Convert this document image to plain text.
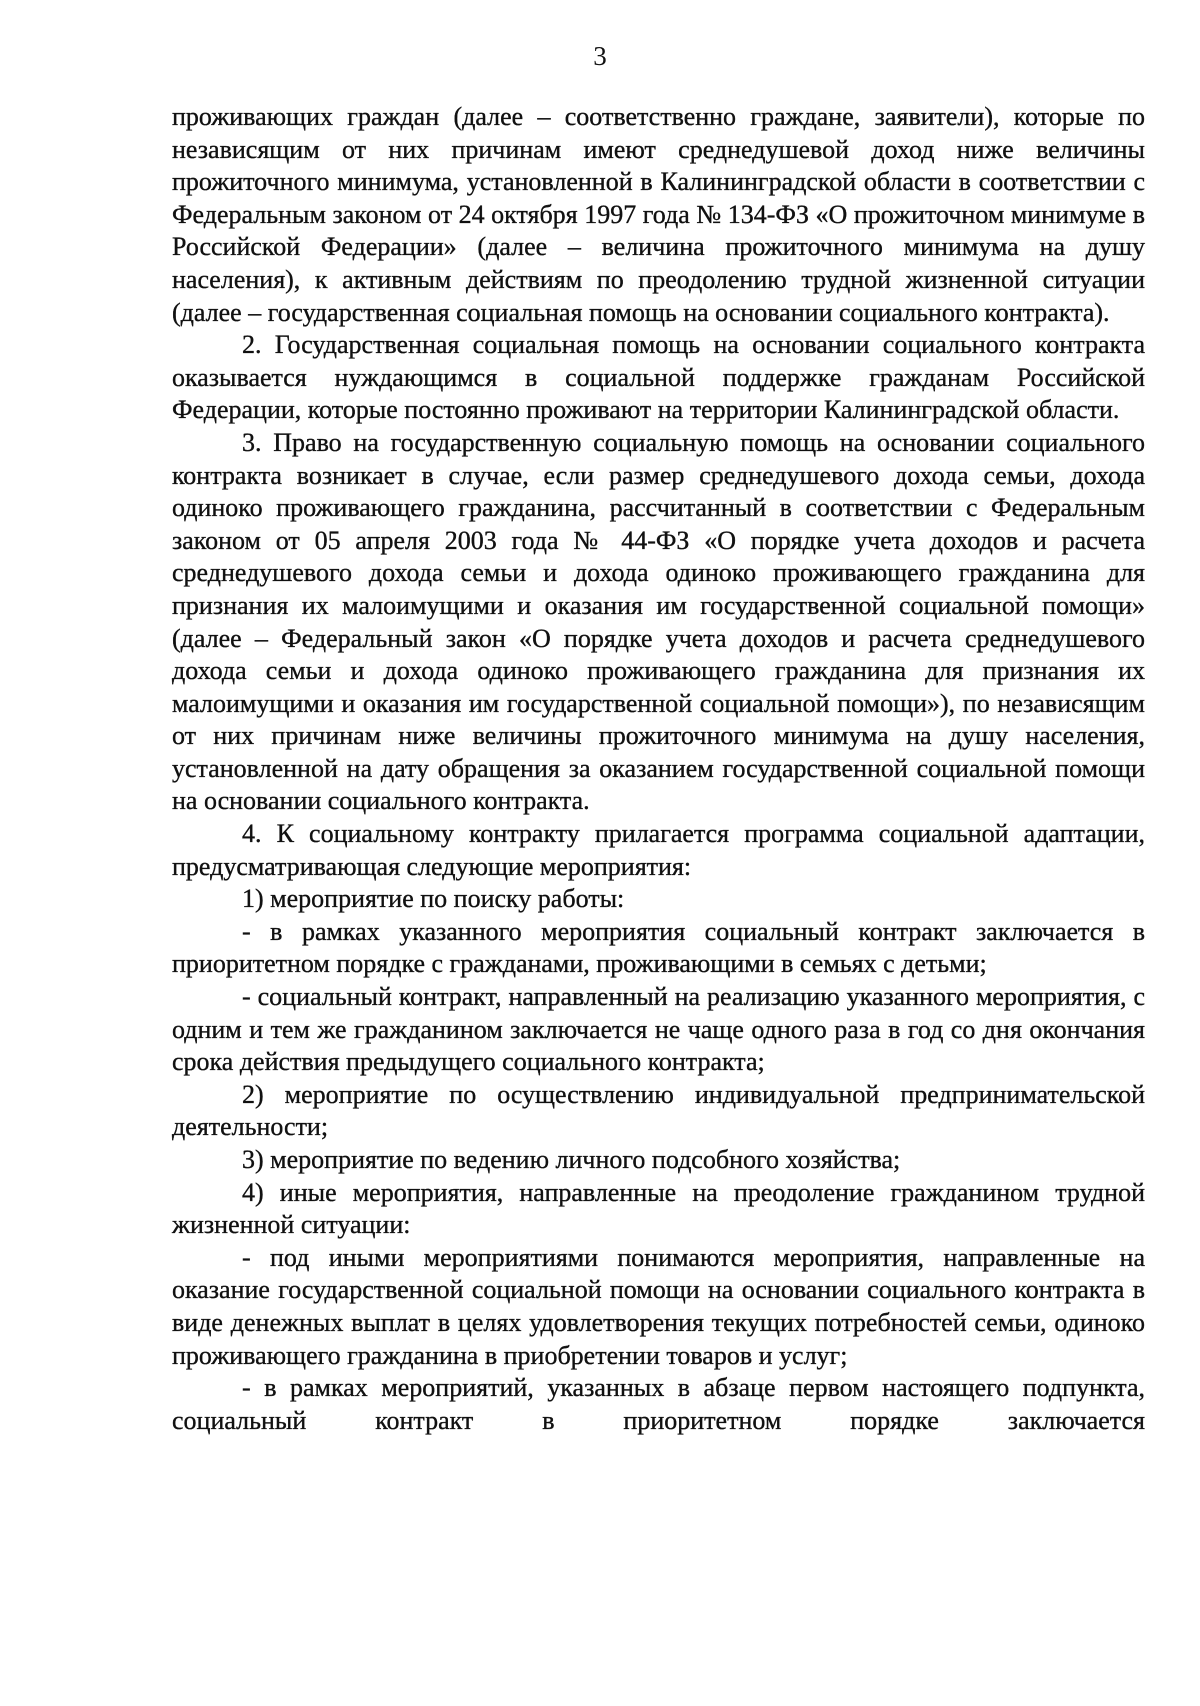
3

проживающих граждан (далее – соответственно граждане, заявители), которые по независящим от них причинам имеют среднедушевой доход ниже величины прожиточного минимума, установленной в Калининградской области в соответствии с Федеральным законом от 24 октября 1997 года № 134-ФЗ «О прожиточном минимуме в Российской Федерации» (далее – величина прожиточного минимума на душу населения), к активным действиям по преодолению трудной жизненной ситуации (далее – государственная социальная помощь на основании социального контракта).

2. Государственная социальная помощь на основании социального контракта оказывается нуждающимся в социальной поддержке гражданам Российской Федерации, которые постоянно проживают на территории Калининградской области.

3. Право на государственную социальную помощь на основании социального контракта возникает в случае, если размер среднедушевого дохода семьи, дохода одиноко проживающего гражданина, рассчитанный в соответствии с Федеральным законом от 05 апреля 2003 года № 44-ФЗ «О порядке учета доходов и расчета среднедушевого дохода семьи и дохода одиноко проживающего гражданина для признания их малоимущими и оказания им государственной социальной помощи» (далее – Федеральный закон «О порядке учета доходов и расчета среднедушевого дохода семьи и дохода одиноко проживающего гражданина для признания их малоимущими и оказания им государственной социальной помощи»), по независящим от них причинам ниже величины прожиточного минимума на душу населения, установленной на дату обращения за оказанием государственной социальной помощи на основании социального контракта.

4. К социальному контракту прилагается программа социальной адаптации, предусматривающая следующие мероприятия:

1) мероприятие по поиску работы:

- в рамках указанного мероприятия социальный контракт заключается в приоритетном порядке с гражданами, проживающими в семьях с детьми;

- социальный контракт, направленный на реализацию указанного мероприятия, с одним и тем же гражданином заключается не чаще одного раза в год со дня окончания срока действия предыдущего социального контракта;

2) мероприятие по осуществлению индивидуальной предпринимательской деятельности;

3) мероприятие по ведению личного подсобного хозяйства;

4) иные мероприятия, направленные на преодоление гражданином трудной жизненной ситуации:

- под иными мероприятиями понимаются мероприятия, направленные на оказание государственной социальной помощи на основании социального контракта в виде денежных выплат в целях удовлетворения текущих потребностей семьи, одиноко проживающего гражданина в приобретении товаров и услуг;

- в рамках мероприятий, указанных в абзаце первом настоящего подпункта, социальный контракт в приоритетном порядке заключается
